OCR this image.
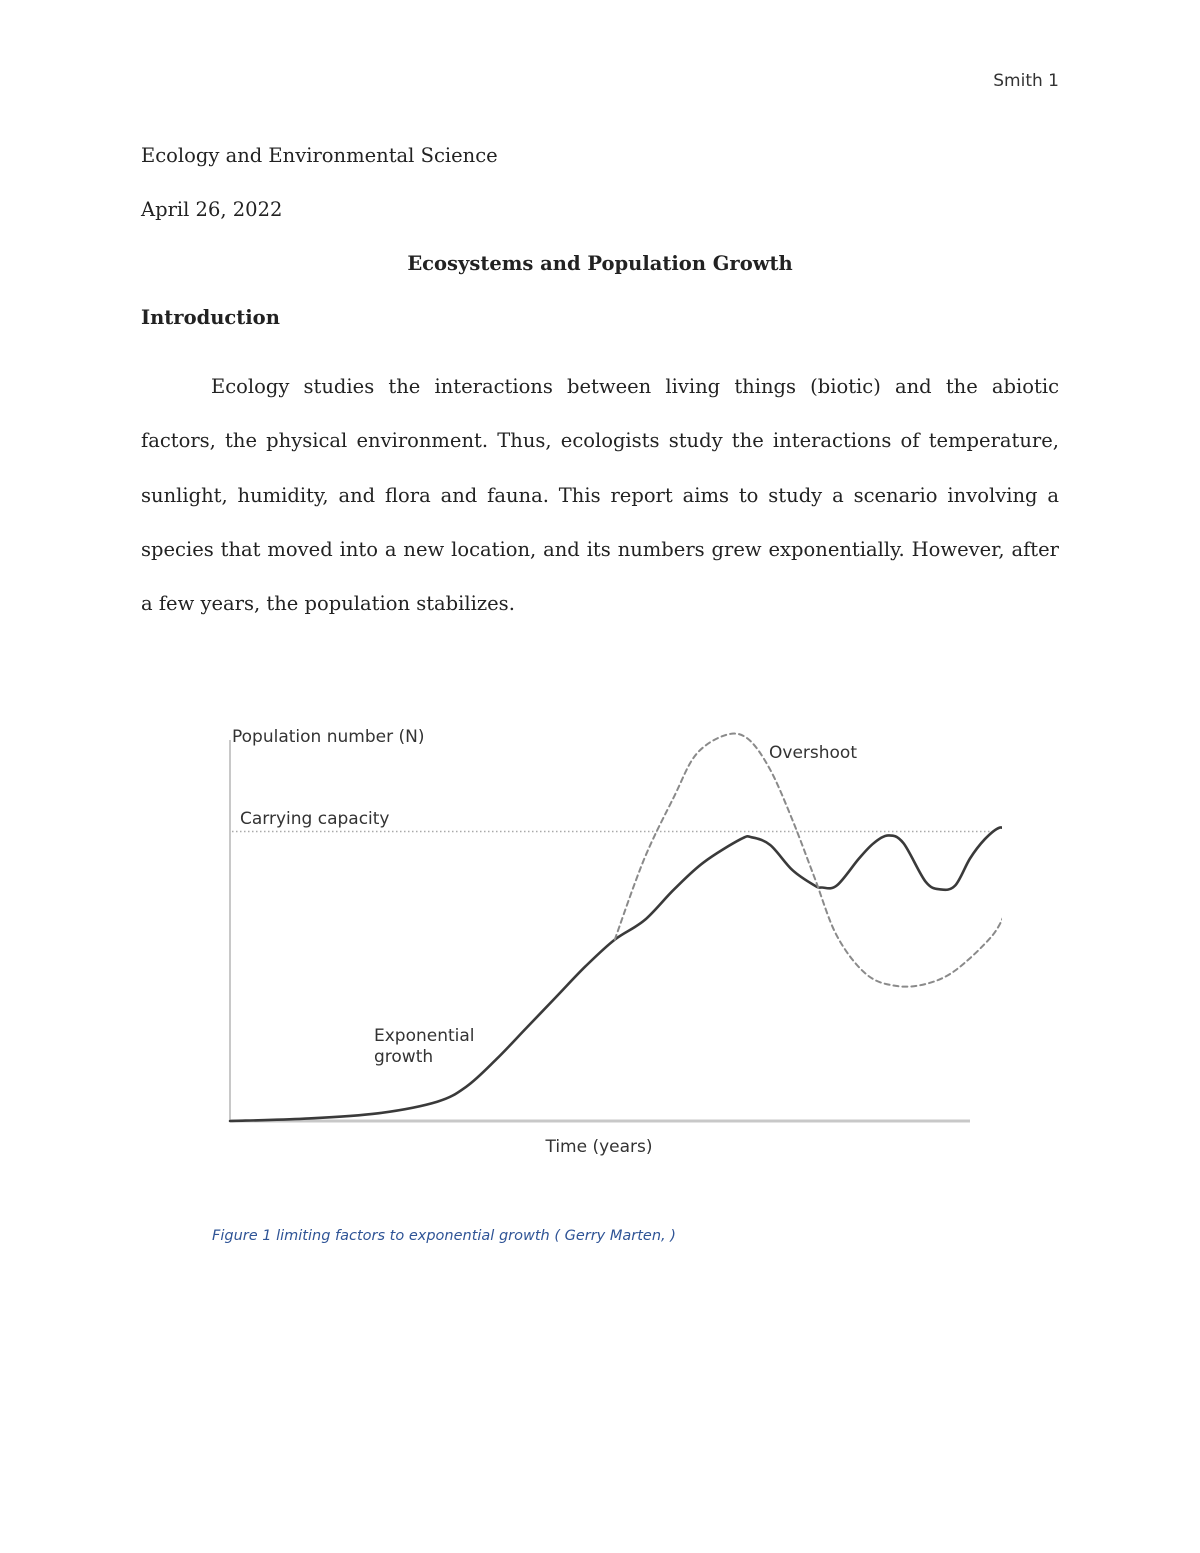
Smith 1
Ecology and Environmental Science
April 26, 2022
Ecosystems and Population Growth
Introduction
Ecology studies the interactions between living things (biotic) and the abiotic factors, the physical environment. Thus, ecologists study the interactions of temperature, sunlight, humidity, and flora and fauna. This report aims to study a scenario involving a species that moved into a new location, and its numbers grew exponentially. However, after a few years, the population stabilizes.
Population number (N)
Carrying capacity
Overshoot
Exponential growth
Time (years)
Figure 1 limiting factors to exponential growth ( Gerry Marten, )
